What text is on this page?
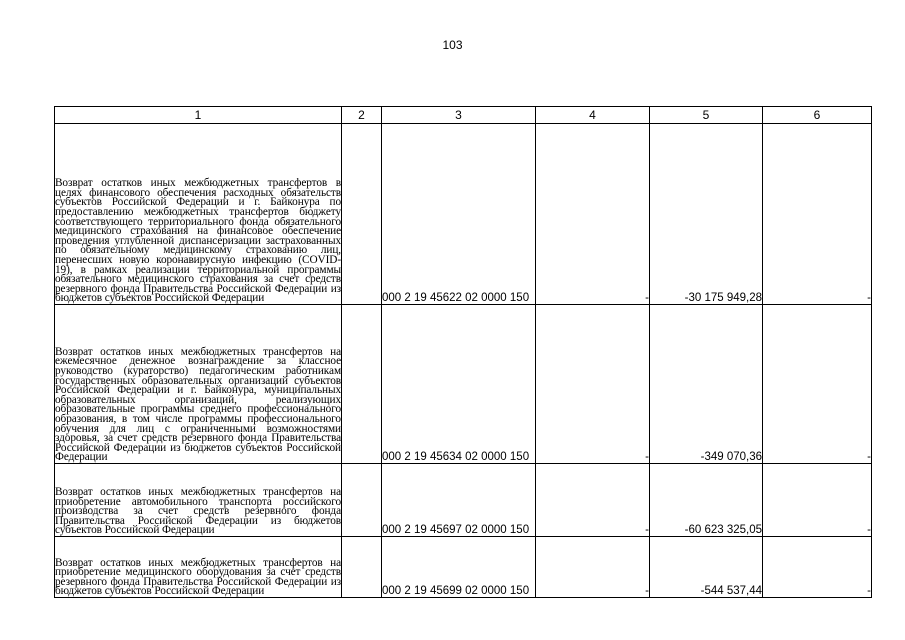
103
1	2	3	4	5	6
Возврат остатков иных межбюджетных трансфертов в целях финансового обеспечения расходных обязательств субъектов Российской Федерации и г. Байконура по предоставлению межбюджетных трансфертов бюджету соответствующего территориального фонда обязательного медицинского страхования на финансовое обеспечение проведения углубленной диспансеризации застрахованных по обязательному медицинскому страхованию лиц, перенесших новую коронавирусную инфекцию (COVID-19), в рамках реализации территориальной программы обязательного медицинского страхования за счет средств резервного фонда Правительства Российской Федерации из бюджетов субъектов Российской Федерации		000 2 19 45622 02 0000 150	-	-30 175 949,28	-
Возврат остатков иных межбюджетных трансфертов на ежемесячное денежное вознаграждение за классное руководство (кураторство) педагогическим работникам государственных образовательных организаций субъектов Российской Федерации и г. Байконура, муниципальных образовательных организаций, реализующих образовательные программы среднего профессионального образования, в том числе программы профессионального обучения для лиц с ограниченными возможностями здоровья, за счет средств резервного фонда Правительства Российской Федерации из бюджетов субъектов Российской Федерации		000 2 19 45634 02 0000 150	-	-349 070,36	-
Возврат остатков иных межбюджетных трансфертов на приобретение автомобильного транспорта российского производства за счет средств резервного фонда Правительства Российской Федерации из бюджетов субъектов Российской Федерации		000 2 19 45697 02 0000 150	-	-60 623 325,05	-
Возврат остатков иных межбюджетных трансфертов на приобретение медицинского оборудования за счет средств резервного фонда Правительства Российской Федерации из бюджетов субъектов Российской Федерации		000 2 19 45699 02 0000 150	-	-544 537,44	-
